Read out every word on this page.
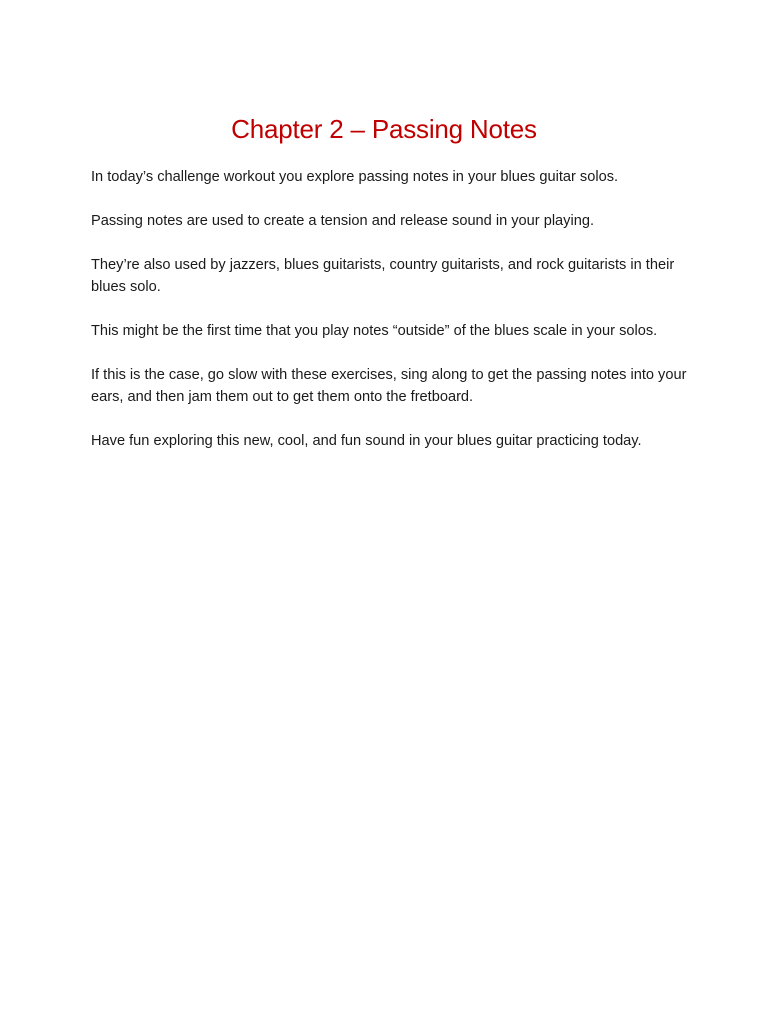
Chapter 2 – Passing Notes

In today’s challenge workout you explore passing notes in your blues guitar solos.

Passing notes are used to create a tension and release sound in your playing.

They’re also used by jazzers, blues guitarists, country guitarists, and rock guitarists in their blues solo.

This might be the first time that you play notes “outside” of the blues scale in your solos.

If this is the case, go slow with these exercises, sing along to get the passing notes into your ears, and then jam them out to get them onto the fretboard.

Have fun exploring this new, cool, and fun sound in your blues guitar practicing today.
